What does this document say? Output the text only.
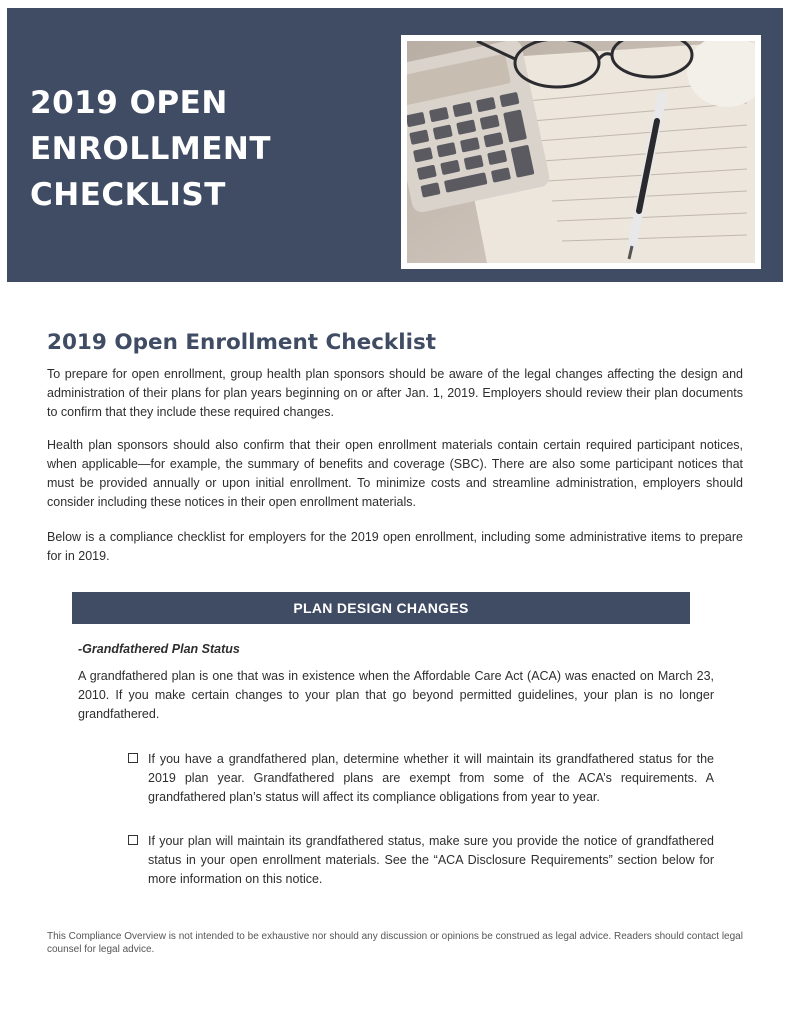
2019 OPEN
ENROLLMENT
CHECKLIST
2019 Open Enrollment Checklist

To prepare for open enrollment, group health plan sponsors should be aware of the legal changes affecting the design and administration of their plans for plan years beginning on or after Jan. 1, 2019. Employers should review their plan documents to confirm that they include these required changes.

Health plan sponsors should also confirm that their open enrollment materials contain certain required participant notices, when applicable—for example, the summary of benefits and coverage (SBC). There are also some participant notices that must be provided annually or upon initial enrollment. To minimize costs and streamline administration, employers should consider including these notices in their open enrollment materials.

Below is a compliance checklist for employers for the 2019 open enrollment, including some administrative items to prepare for in 2019.

PLAN DESIGN CHANGES

-Grandfathered Plan Status

A grandfathered plan is one that was in existence when the Affordable Care Act (ACA) was enacted on March 23, 2010. If you make certain changes to your plan that go beyond permitted guidelines, your plan is no longer grandfathered.

If you have a grandfathered plan, determine whether it will maintain its grandfathered status for the 2019 plan year. Grandfathered plans are exempt from some of the ACA’s requirements. A grandfathered plan’s status will affect its compliance obligations from year to year.

If your plan will maintain its grandfathered status, make sure you provide the notice of grandfathered status in your open enrollment materials. See the “ACA Disclosure Requirements” section below for more information on this notice.

This Compliance Overview is not intended to be exhaustive nor should any discussion or opinions be construed as legal advice. Readers should contact legal counsel for legal advice.
